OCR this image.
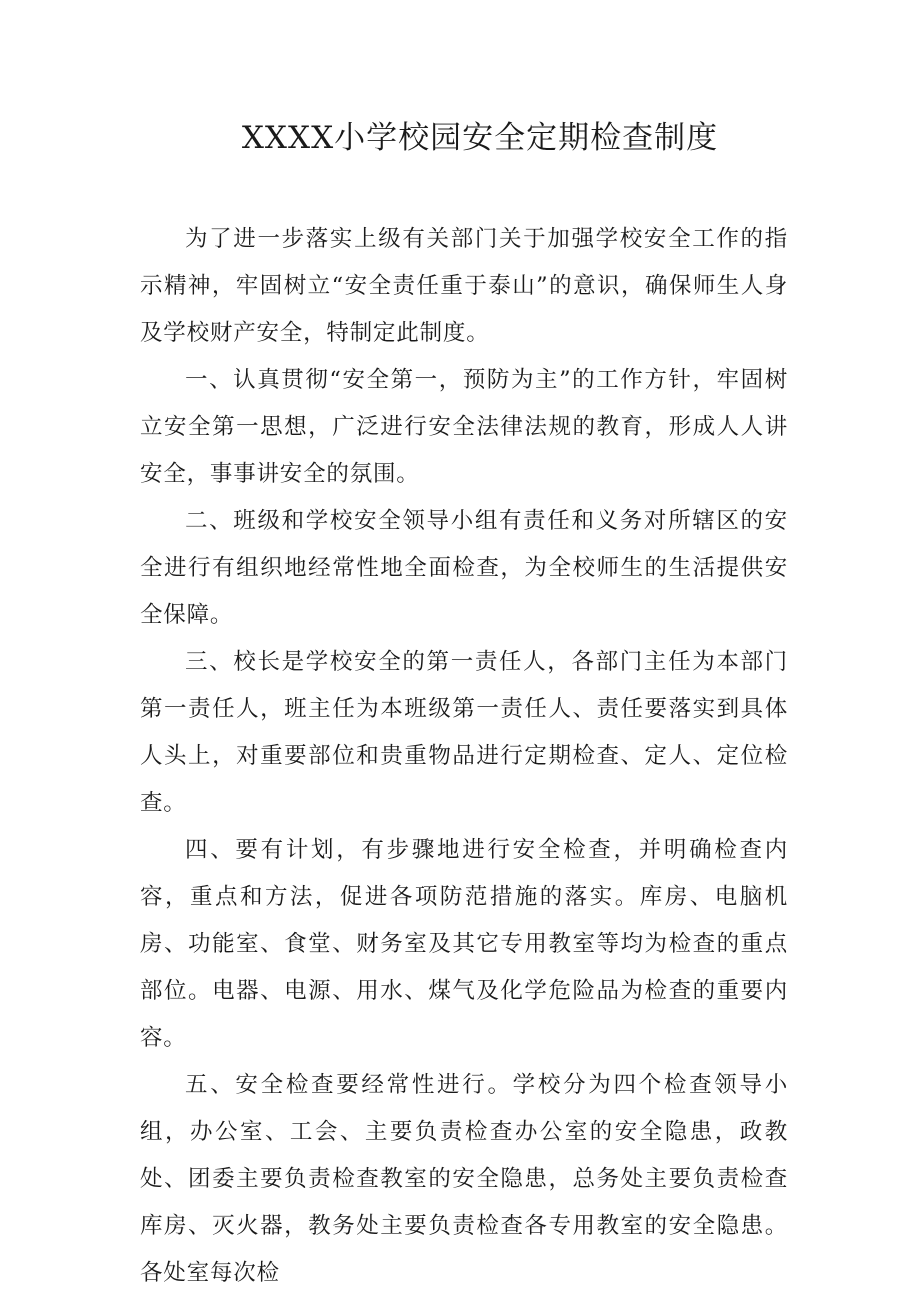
XXXX小学校园安全定期检查制度

为了进一步落实上级有关部门关于加强学校安全工作的指示精神，牢固树立“安全责任重于泰山”的意识，确保师生人身及学校财产安全，特制定此制度。

一、认真贯彻“安全第一，预防为主”的工作方针，牢固树立安全第一思想，广泛进行安全法律法规的教育，形成人人讲安全，事事讲安全的氛围。

二、班级和学校安全领导小组有责任和义务对所辖区的安全进行有组织地经常性地全面检查，为全校师生的生活提供安全保障。

三、校长是学校安全的第一责任人，各部门主任为本部门第一责任人，班主任为本班级第一责任人、责任要落实到具体人头上，对重要部位和贵重物品进行定期检查、定人、定位检查。

四、要有计划，有步骤地进行安全检查，并明确检查内容，重点和方法，促进各项防范措施的落实。库房、电脑机房、功能室、食堂、财务室及其它专用教室等均为检查的重点部位。电器、电源、用水、煤气及化学危险品为检查的重要内容。

五、安全检查要经常性进行。学校分为四个检查领导小组，办公室、工会、主要负责检查办公室的安全隐患，政教处、团委主要负责检查教室的安全隐患，总务处主要负责检查库房、灭火器，教务处主要负责检查各专用教室的安全隐患。各处室每次检
